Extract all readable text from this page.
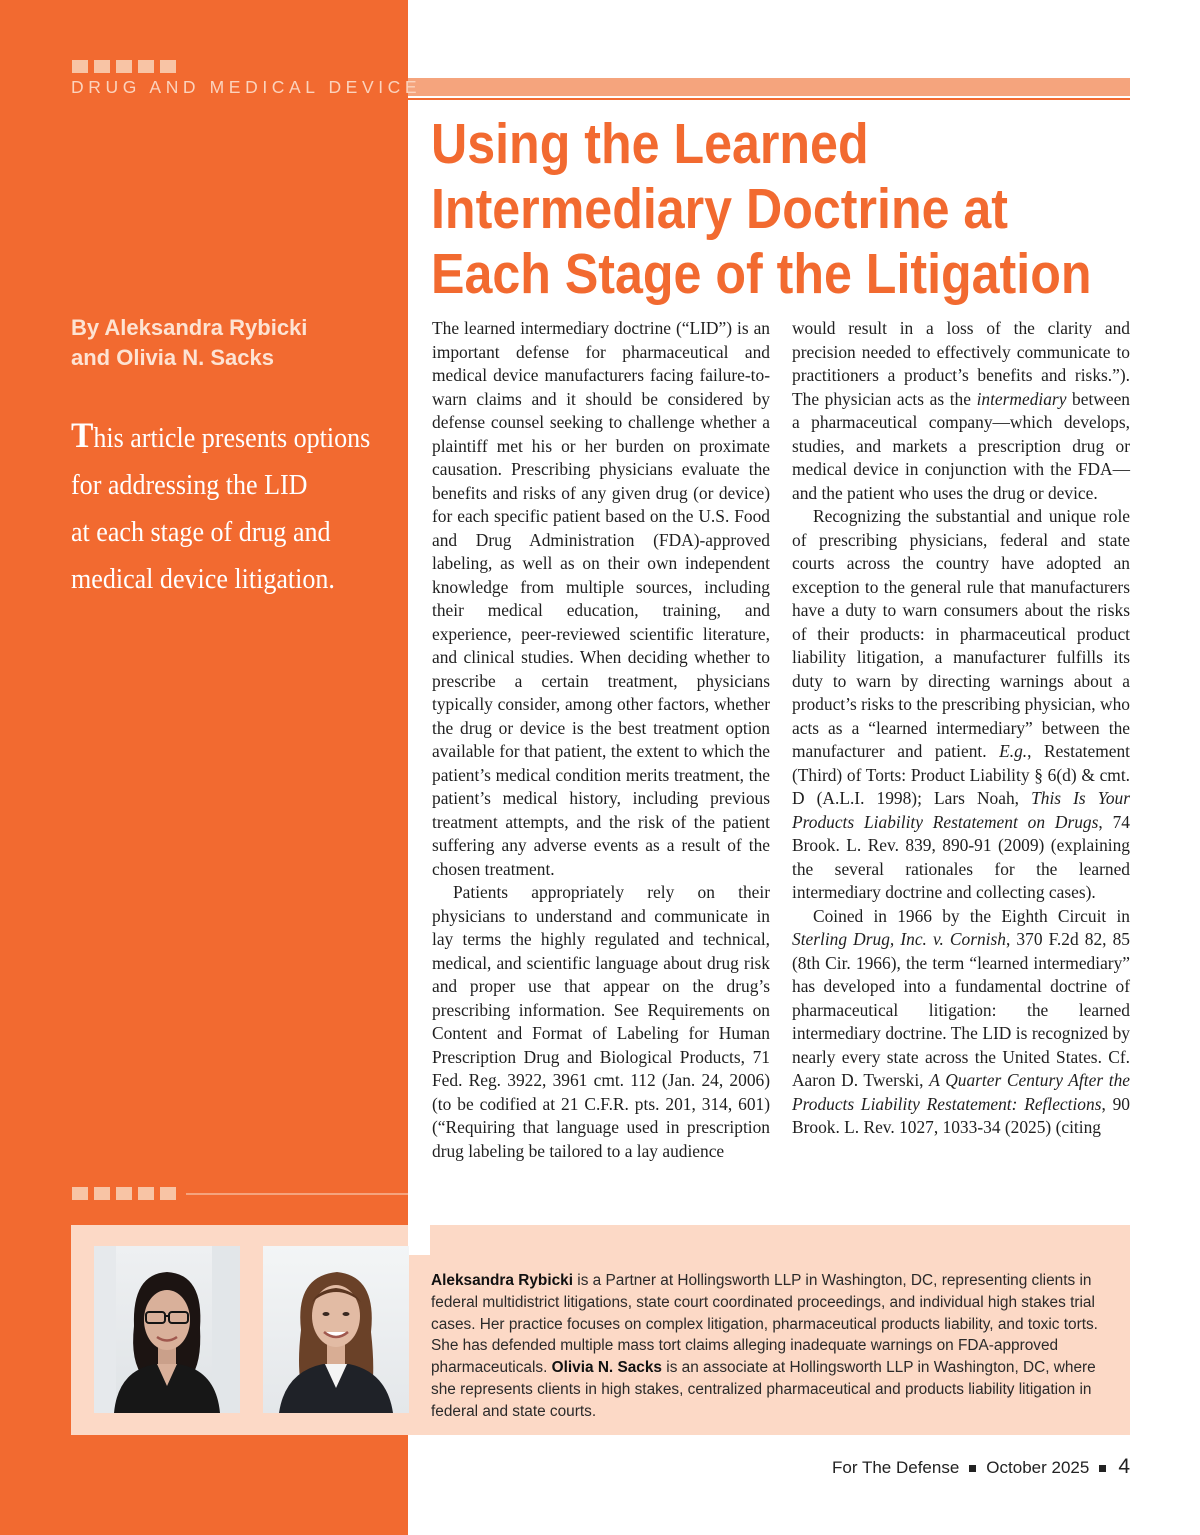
DRUG AND MEDICAL DEVICE
Using the Learned
Intermediary Doctrine at
Each Stage of the Litigation
By Aleksandra Rybicki
and Olivia N. Sacks
This article presents options
for addressing the LID
at each stage of drug and
medical device litigation.

The learned intermediary doctrine (“LID”) is an important defense for pharmaceutical and medical device manufacturers facing failure-to-warn claims and it should be considered by defense counsel seeking to challenge whether a plaintiff met his or her burden on proximate causation. Prescribing physicians evaluate the benefits and risks of any given drug (or device) for each specific patient based on the U.S. Food and Drug Administration (FDA)-approved labeling, as well as on their own independent knowledge from multiple sources, including their medical education, training, and experience, peer-reviewed scientific literature, and clinical studies. When deciding whether to prescribe a certain treatment, physicians typically consider, among other factors, whether the drug or device is the best treatment option available for that patient, the extent to which the patient’s medical condition merits treatment, the patient’s medical history, including previous treatment attempts, and the risk of the patient suffering any adverse events as a result of the chosen treatment.

Patients appropriately rely on their physicians to understand and communicate in lay terms the highly regulated and technical, medical, and scientific language about drug risk and proper use that appear on the drug’s prescribing information. See Requirements on Content and Format of Labeling for Human Prescription Drug and Biological Products, 71 Fed. Reg. 3922, 3961 cmt. 112 (Jan. 24, 2006) (to be codified at 21 C.F.R. pts. 201, 314, 601) (“Requiring that language used in prescription drug labeling be tailored to a lay audience

would result in a loss of the clarity and precision needed to effectively communicate to practitioners a product’s benefits and risks.”). The physician acts as the intermediary between a pharmaceutical company—which develops, studies, and markets a prescription drug or medical device in conjunction with the FDA—and the patient who uses the drug or device.

Recognizing the substantial and unique role of prescribing physicians, federal and state courts across the country have adopted an exception to the general rule that manufacturers have a duty to warn consumers about the risks of their products: in pharmaceutical product liability litigation, a manufacturer fulfills its duty to warn by directing warnings about a product’s risks to the prescribing physician, who acts as a “learned intermediary” between the manufacturer and patient. E.g., Restatement (Third) of Torts: Product Liability § 6(d) & cmt. D (A.L.I. 1998); Lars Noah, This Is Your Products Liability Restatement on Drugs, 74 Brook. L. Rev. 839, 890-91 (2009) (explaining the several rationales for the learned intermediary doctrine and collecting cases).

Coined in 1966 by the Eighth Circuit in Sterling Drug, Inc. v. Cornish, 370 F.2d 82, 85 (8th Cir. 1966), the term “learned intermediary” has developed into a fundamental doctrine of pharmaceutical litigation: the learned intermediary doctrine. The LID is recognized by nearly every state across the United States. Cf. Aaron D. Twerski, A Quarter Century After the Products Liability Restatement: Reflections, 90 Brook. L. Rev. 1027, 1033-34 (2025) (citing

Aleksandra Rybicki is a Partner at Hollingsworth LLP in Washington, DC, representing clients in federal multidistrict litigations, state court coordinated proceedings, and individual high stakes trial cases. Her practice focuses on complex litigation, pharmaceutical products liability, and toxic torts. She has defended multiple mass tort claims alleging inadequate warnings on FDA-approved pharmaceuticals. Olivia N. Sacks is an associate at Hollingsworth LLP in Washington, DC, where she represents clients in high stakes, centralized pharmaceutical and products liability litigation in federal and state courts.
For The Defense October 2025 4
